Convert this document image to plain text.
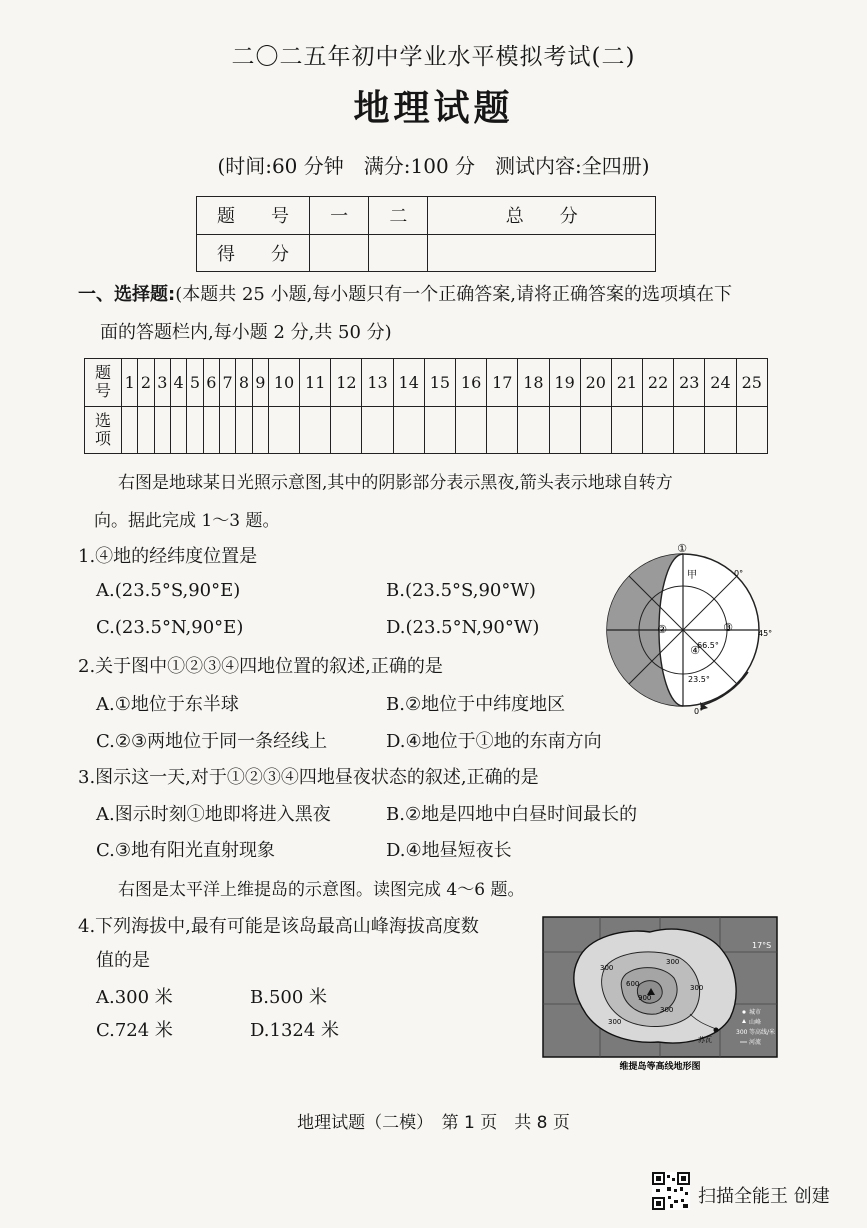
二〇二五年初中学业水平模拟考试(二)
地理试题
(时间:60 分钟　满分:100 分　测试内容:全四册)
题　　号	一	二	总　　分
得　　分			
一、选择题:(本题共 25 小题,每小题只有一个正确答案,请将正确答案的选项填在下
面的答题栏内,每小题 2 分,共 50 分)
题号	1	2	3	4	5	6	7	8	9	10	11	12	13	14	15	16	17	18	19	20	21	22	23	24	25
选项																									
右图是地球某日光照示意图,其中的阴影部分表示黑夜,箭头表示地球自转方
向。据此完成 1～3 题。
1.④地的经纬度位置是
A.(23.5°S,90°E)	B.(23.5°S,90°W)
C.(23.5°N,90°E)	D.(23.5°N,90°W)
2.关于图中①②③④四地位置的叙述,正确的是
A.①地位于东半球	B.②地位于中纬度地区
C.②③两地位于同一条经线上	D.④地位于①地的东南方向
3.图示这一天,对于①②③④四地昼夜状态的叙述,正确的是
A.图示时刻①地即将进入黑夜	B.②地是四地中白昼时间最长的
C.③地有阳光直射现象	D.④地昼短夜长
右图是太平洋上维提岛的示意图。读图完成 4～6 题。
4.下列海拔中,最有可能是该岛最高山峰海拔高度数
值的是
A.300 米	B.500 米
C.724 米	D.1324 米
①
0°
②	③
④
66.5°
23.5°
甲
45°
0°
300
600
900
300
300
300
300
17°S
苏瓦
城市
山峰
300 等高线/米
河流
维提岛等高线地形图
地理试题（二模）　第 1 页　共 8 页
扫描全能王 创建
